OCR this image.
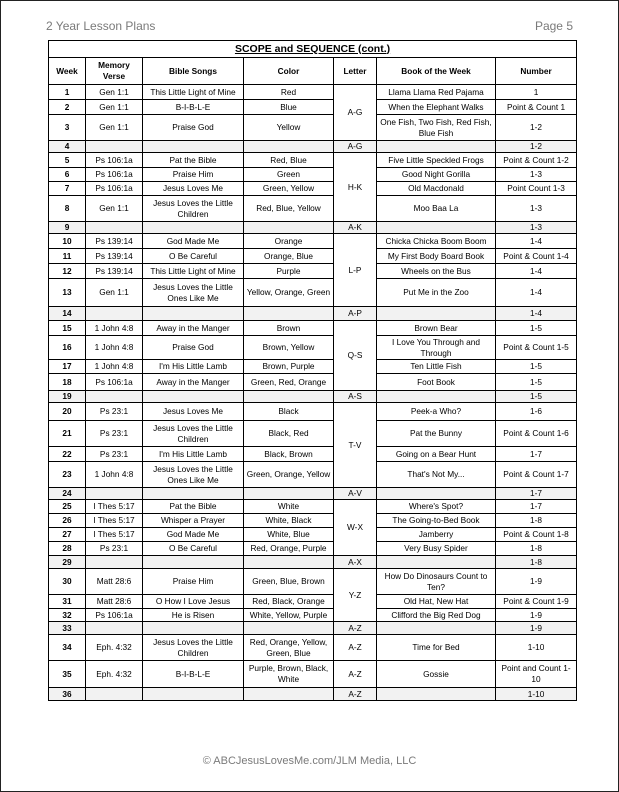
2 Year Lesson Plans	Page 5
SCOPE and SEQUENCE (cont.)						
Week	Memory Verse	Bible Songs	Color	Letter	Book of the Week	Number
1	Gen 1:1	This Little Light of Mine	Red	A-G	Llama Llama Red Pajama	1
2	Gen 1:1	B-I-B-L-E	Blue		When the Elephant Walks	Point & Count 1
3	Gen 1:1	Praise God	Yellow		One Fish, Two Fish, Red Fish, Blue Fish	1-2
4				A-G		1-2
5	Ps 106:1a	Pat the Bible	Red, Blue	H-K	Five Little Speckled Frogs	Point & Count 1-2
6	Ps 106:1a	Praise Him	Green		Good Night Gorilla	1-3
7	Ps 106:1a	Jesus Loves Me	Green, Yellow		Old Macdonald	Point Count 1-3
8	Gen 1:1	Jesus Loves the Little Children	Red, Blue, Yellow		Moo Baa La	1-3
9				A-K		1-3
10	Ps 139:14	God Made Me	Orange	L-P	Chicka Chicka Boom Boom	1-4
11	Ps 139:14	O Be Careful	Orange, Blue		My First Body Board Book	Point & Count 1-4
12	Ps 139:14	This Little Light of Mine	Purple		Wheels on the Bus	1-4
13	Gen 1:1	Jesus Loves the Little Ones Like Me	Yellow, Orange, Green		Put Me in the Zoo	1-4
14				A-P		1-4
15	1 John 4:8	Away in the Manger	Brown	Q-S	Brown Bear	1-5
16	1 John 4:8	Praise God	Brown, Yellow		I Love You Through and Through	Point & Count 1-5
17	1 John 4:8	I'm His Little Lamb	Brown, Purple		Ten Little Fish	1-5
18	Ps 106:1a	Away in the Manger	Green, Red, Orange		Foot Book	1-5
19				A-S		1-5
20	Ps 23:1	Jesus Loves Me	Black	T-V	Peek-a Who?	1-6
21	Ps 23:1	Jesus Loves the Little Children	Black, Red		Pat the Bunny	Point & Count 1-6
22	Ps 23:1	I'm His Little Lamb	Black, Brown		Going on a Bear Hunt	1-7
23	1 John 4:8	Jesus Loves the Little Ones Like Me	Green, Orange, Yellow		That's Not My...	Point & Count 1-7
24				A-V		1-7
25	I Thes 5:17	Pat the Bible	White	W-X	Where's Spot?	1-7
26	I Thes 5:17	Whisper a Prayer	White, Black		The Going-to-Bed Book	1-8
27	I Thes 5:17	God Made Me	White, Blue		Jamberry	Point & Count 1-8
28	Ps 23:1	O Be Careful	Red, Orange, Purple		Very Busy Spider	1-8
29				A-X		1-8
30	Matt 28:6	Praise Him	Green, Blue, Brown	Y-Z	How Do Dinosaurs Count to Ten?	1-9
31	Matt 28:6	O How I Love Jesus	Red, Black, Orange		Old Hat, New Hat	Point & Count 1-9
32	Ps 106:1a	He is Risen	White, Yellow, Purple		Clifford the Big Red Dog	1-9
33				A-Z		1-9
34	Eph. 4:32	Jesus Loves the Little Children	Red, Orange, Yellow, Green, Blue	A-Z	Time for Bed	1-10
35	Eph. 4:32	B-I-B-L-E	Purple, Brown, Black, White	A-Z	Gossie	Point and Count 1-10
36				A-Z		1-10
© ABCJesusLovesMe.com/JLM Media, LLC
